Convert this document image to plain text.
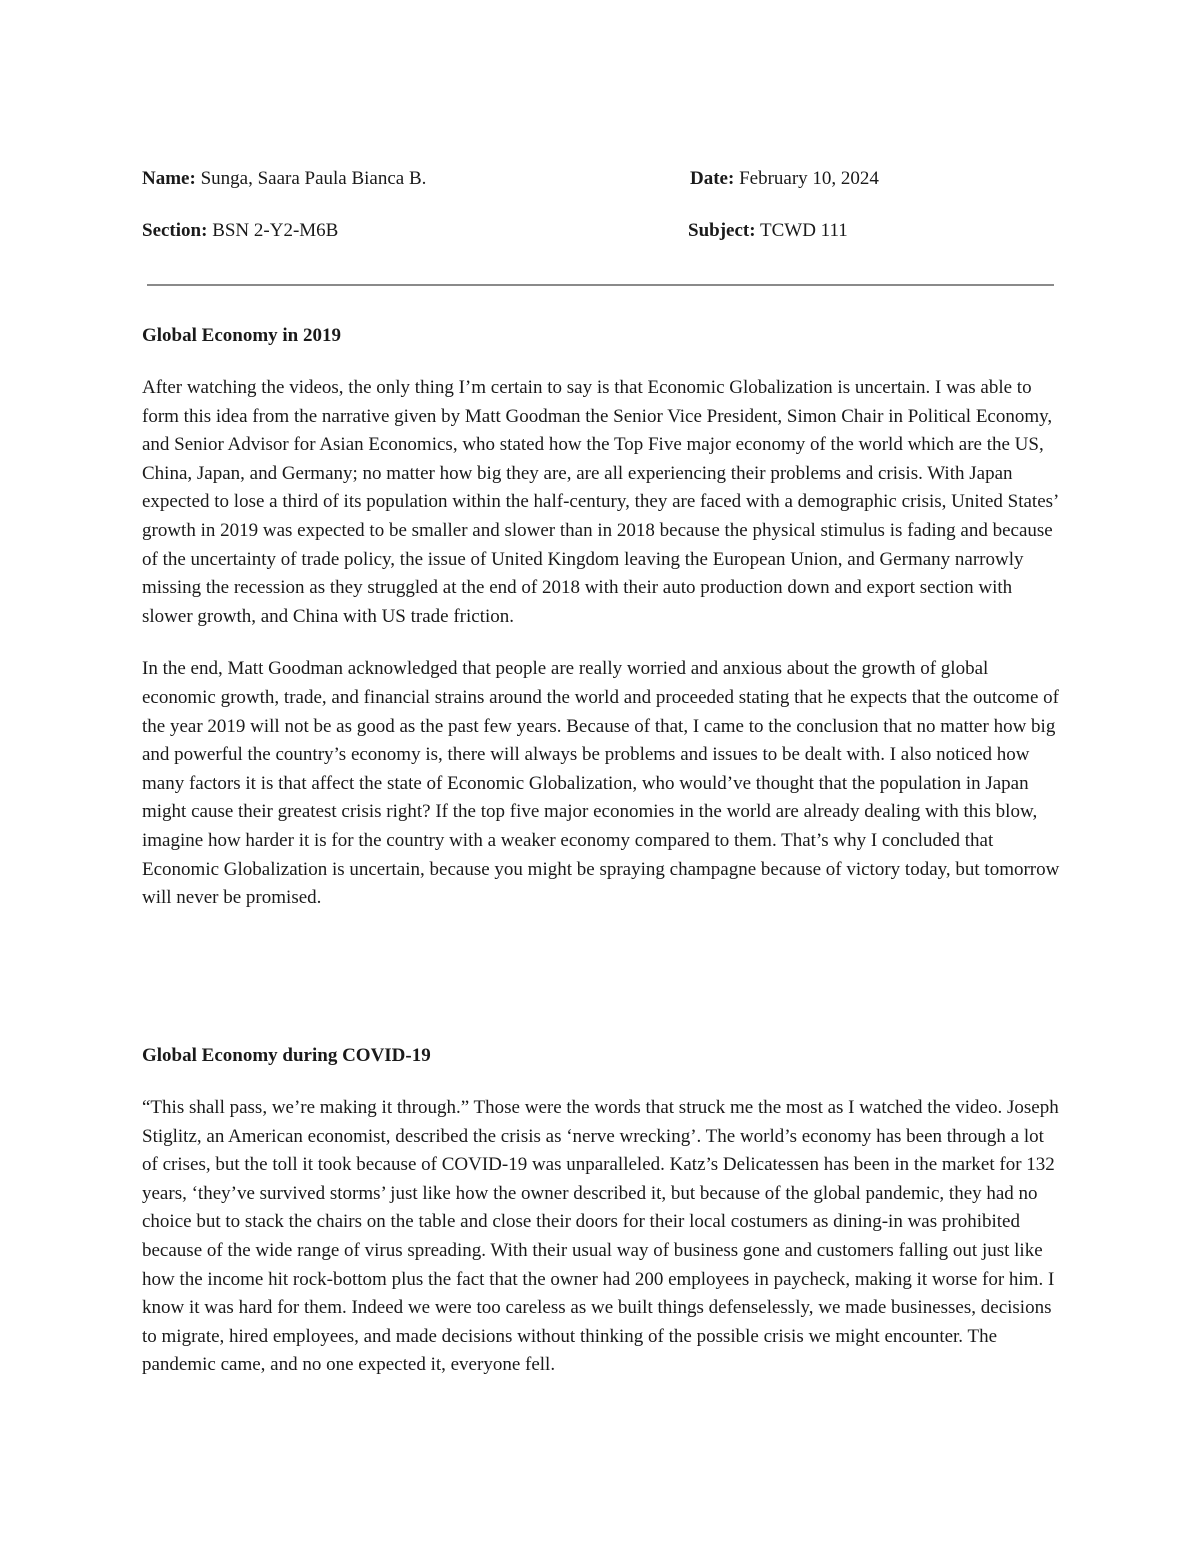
Name: Sunga, Saara Paula Bianca B.	Date: February 10, 2024
Section: BSN 2-Y2-M6B	Subject: TCWD 111
Global Economy in 2019

After watching the videos, the only thing I’m certain to say is that Economic Globalization is uncertain. I was able to form this idea from the narrative given by Matt Goodman the Senior Vice President, Simon Chair in Political Economy, and Senior Advisor for Asian Economics, who stated how the Top Five major economy of the world which are the US, China, Japan, and Germany; no matter how big they are, are all experiencing their problems and crisis. With Japan expected to lose a third of its population within the half-century, they are faced with a demographic crisis, United States’ growth in 2019 was expected to be smaller and slower than in 2018 because the physical stimulus is fading and because of the uncertainty of trade policy, the issue of United Kingdom leaving the European Union, and Germany narrowly missing the recession as they struggled at the end of 2018 with their auto production down and export section with slower growth, and China with US trade friction.

In the end, Matt Goodman acknowledged that people are really worried and anxious about the growth of global economic growth, trade, and financial strains around the world and proceeded stating that he expects that the outcome of the year 2019 will not be as good as the past few years. Because of that, I came to the conclusion that no matter how big and powerful the country’s economy is, there will always be problems and issues to be dealt with. I also noticed how many factors it is that affect the state of Economic Globalization, who would’ve thought that the population in Japan might cause their greatest crisis right? If the top five major economies in the world are already dealing with this blow, imagine how harder it is for the country with a weaker economy compared to them. That’s why I concluded that Economic Globalization is uncertain, because you might be spraying champagne because of victory today, but tomorrow will never be promised.

Global Economy during COVID-19

“This shall pass, we’re making it through.” Those were the words that struck me the most as I watched the video. Joseph Stiglitz, an American economist, described the crisis as ‘nerve wrecking’. The world’s economy has been through a lot of crises, but the toll it took because of COVID-19 was unparalleled. Katz’s Delicatessen has been in the market for 132 years, ‘they’ve survived storms’ just like how the owner described it, but because of the global pandemic, they had no choice but to stack the chairs on the table and close their doors for their local costumers as dining-in was prohibited because of the wide range of virus spreading. With their usual way of business gone and customers falling out just like how the income hit rock-bottom plus the fact that the owner had 200 employees in paycheck, making it worse for him. I know it was hard for them. Indeed we were too careless as we built things defenselessly, we made businesses, decisions to migrate, hired employees, and made decisions without thinking of the possible crisis we might encounter. The pandemic came, and no one expected it, everyone fell.
